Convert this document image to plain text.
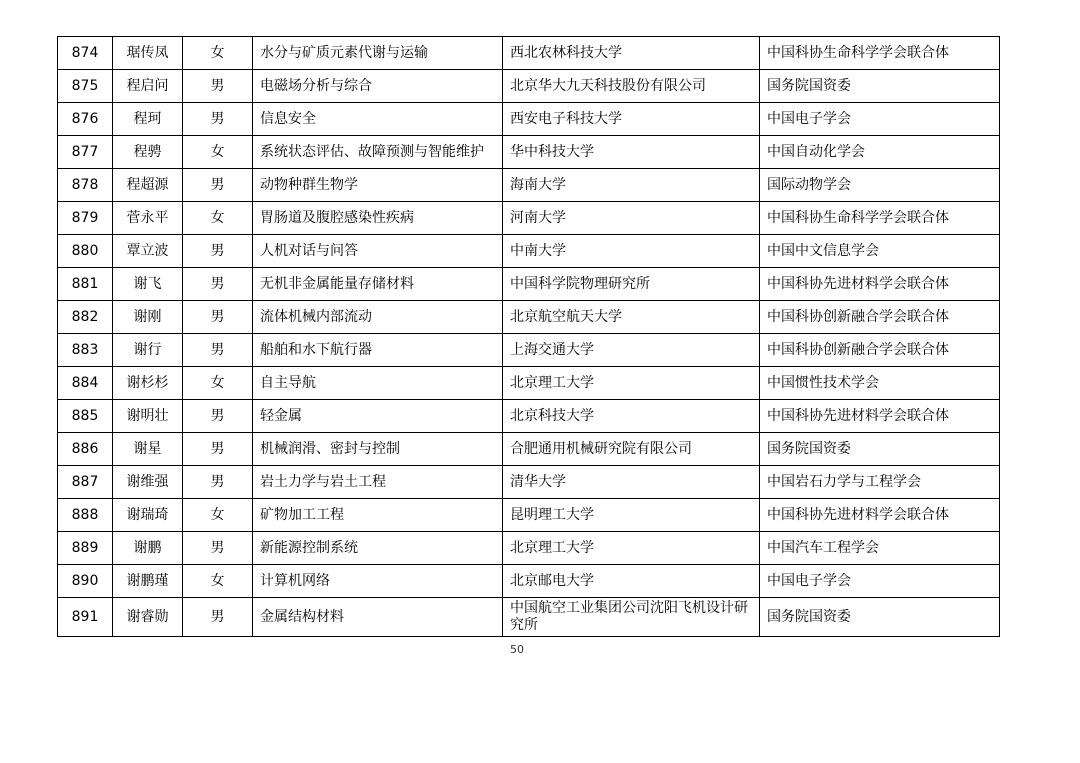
874	琚传凤	女	水分与矿质元素代谢与运输	西北农林科技大学	中国科协生命科学学会联合体
875	程启问	男	电磁场分析与综合	北京华大九天科技股份有限公司	国务院国资委
876	程珂	男	信息安全	西安电子科技大学	中国电子学会
877	程骋	女	系统状态评估、故障预测与智能维护	华中科技大学	中国自动化学会
878	程超源	男	动物种群生物学	海南大学	国际动物学会
879	菅永平	女	胃肠道及腹腔感染性疾病	河南大学	中国科协生命科学学会联合体
880	覃立波	男	人机对话与问答	中南大学	中国中文信息学会
881	谢飞	男	无机非金属能量存储材料	中国科学院物理研究所	中国科协先进材料学会联合体
882	谢刚	男	流体机械内部流动	北京航空航天大学	中国科协创新融合学会联合体
883	谢行	男	船舶和水下航行器	上海交通大学	中国科协创新融合学会联合体
884	谢杉杉	女	自主导航	北京理工大学	中国惯性技术学会
885	谢明壮	男	轻金属	北京科技大学	中国科协先进材料学会联合体
886	谢星	男	机械润滑、密封与控制	合肥通用机械研究院有限公司	国务院国资委
887	谢维强	男	岩土力学与岩土工程	清华大学	中国岩石力学与工程学会
888	谢瑞琦	女	矿物加工工程	昆明理工大学	中国科协先进材料学会联合体
889	谢鹏	男	新能源控制系统	北京理工大学	中国汽车工程学会
890	谢鹏瑾	女	计算机网络	北京邮电大学	中国电子学会
891	谢睿勋	男	金属结构材料	中国航空工业集团公司沈阳飞机设计研究所	国务院国资委
50
